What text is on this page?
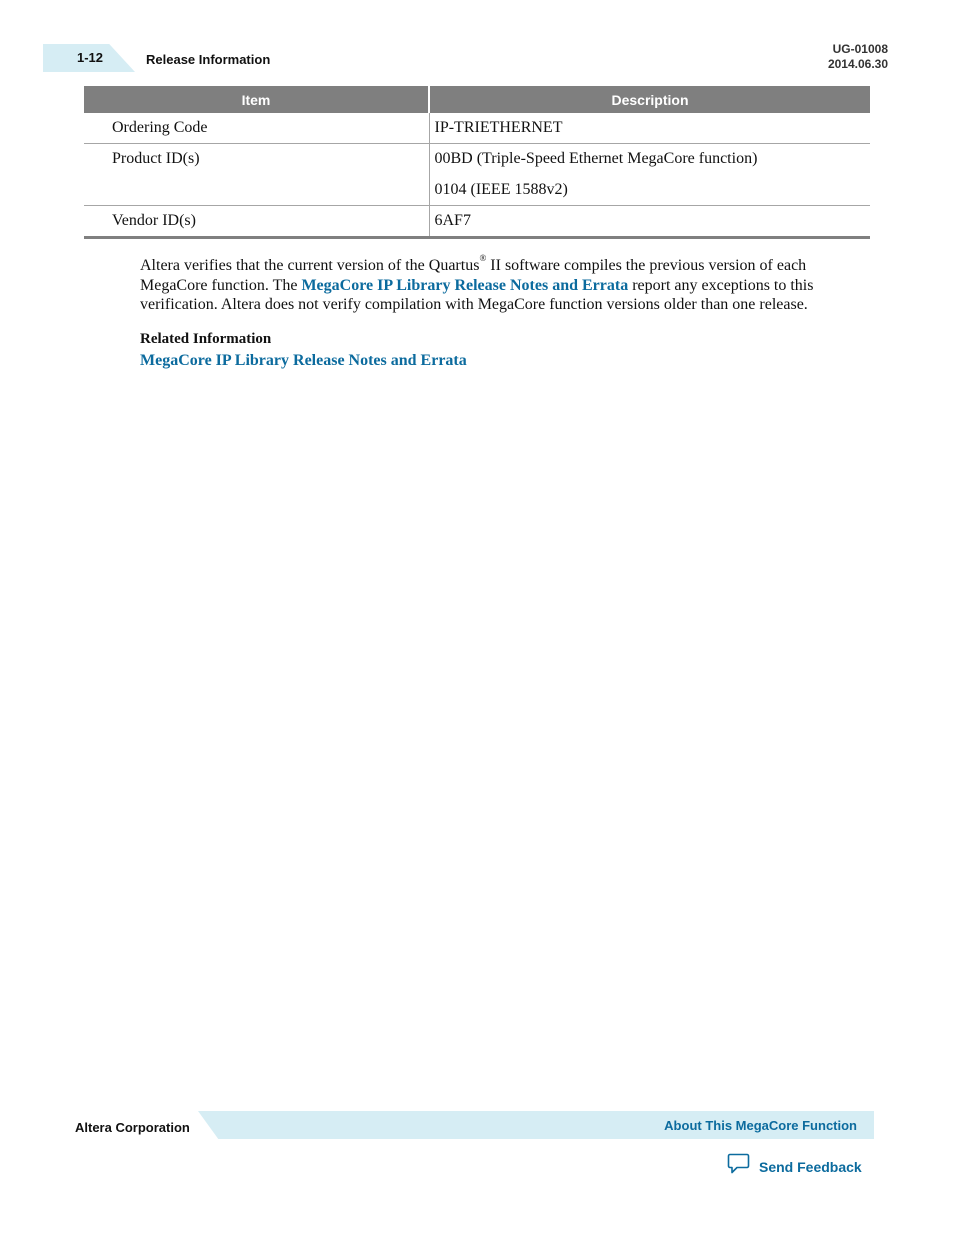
1-12	Release Information
UG-01008
2014.06.30
Item	Description

Ordering Code	IP-TRIETHERNET

Product ID(s)	00BD (Triple-Speed Ethernet MegaCore function)
0104 (IEEE 1588v2)

Vendor ID(s)	6AF7
Altera verifies that the current version of the Quartus® II software compiles the previous version of each MegaCore function. The MegaCore IP Library Release Notes and Errata report any exceptions to this verification. Altera does not verify compilation with MegaCore function versions older than one release.
Related Information
MegaCore IP Library Release Notes and Errata
Altera Corporation	About This MegaCore Function
Send Feedback
